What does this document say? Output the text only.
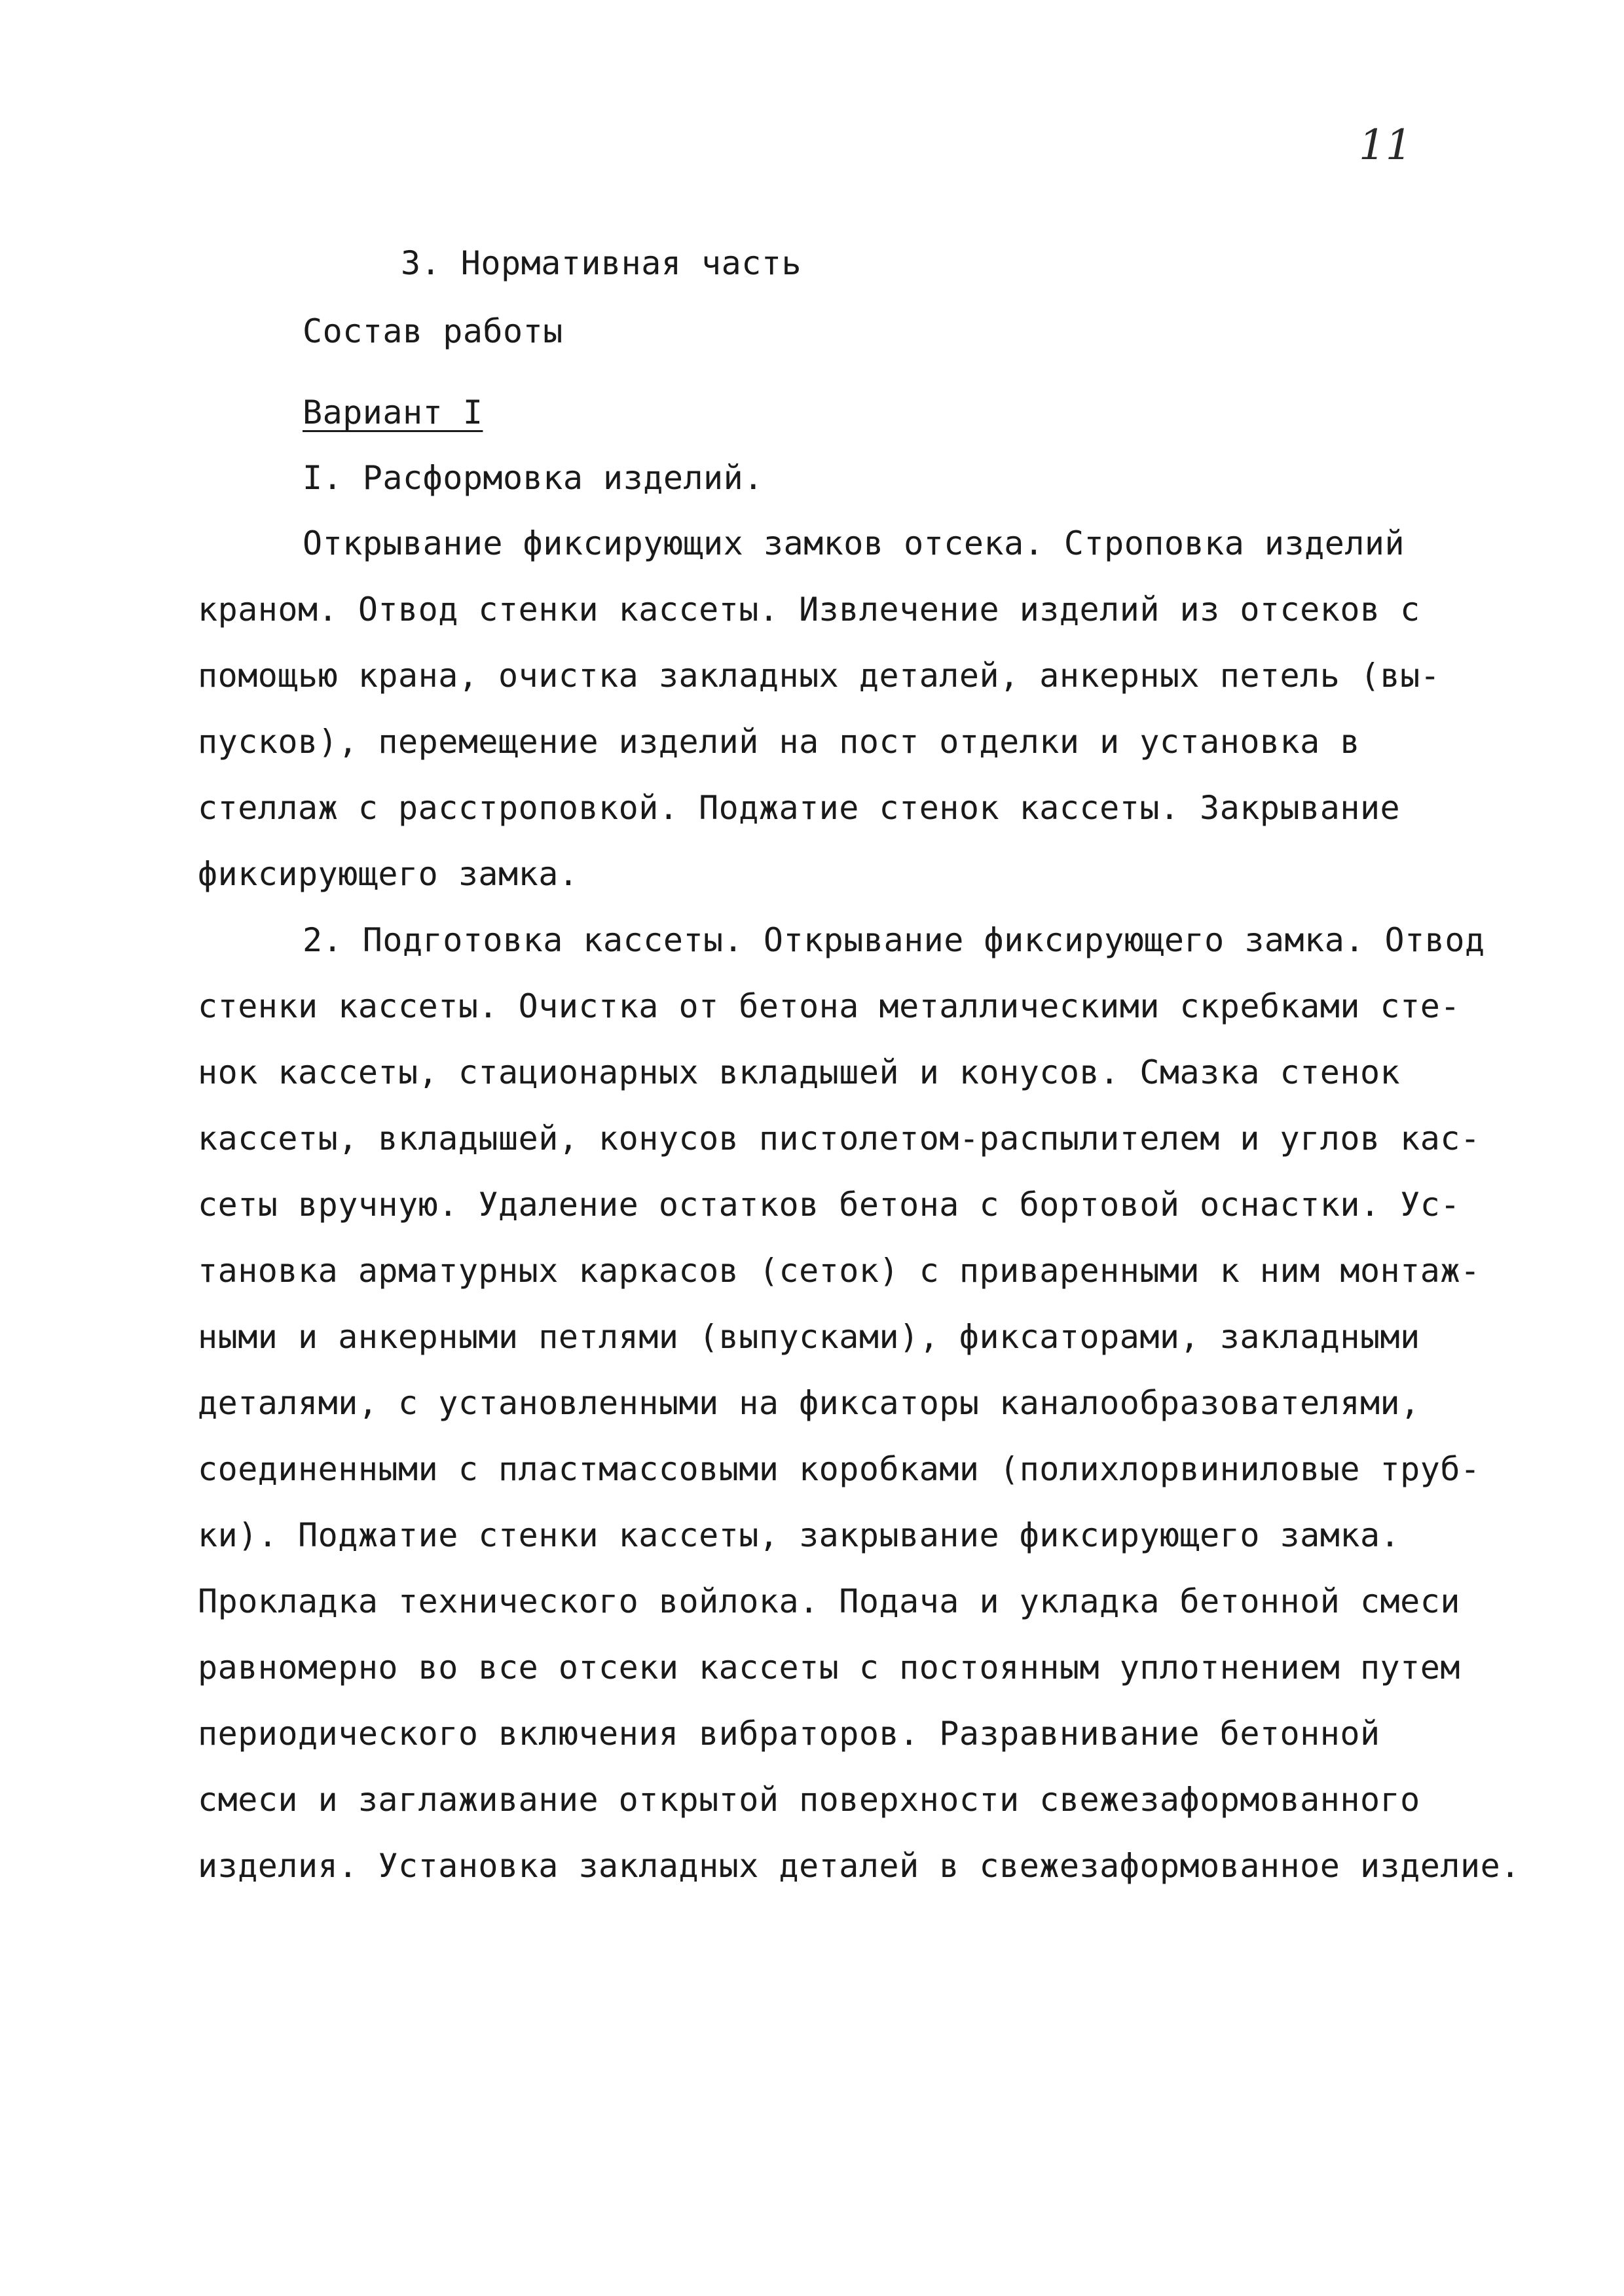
11
3. Нормативная часть
Состав работы
Вариант I
I. Расформовка изделий.
Открывание фиксирующих замков отсека. Строповка изделий
краном. Отвод стенки кассеты. Извлечение изделий из отсеков с
помощью крана, очистка закладных деталей, анкерных петель (вы-
пусков), перемещение изделий на пост отделки и установка в
стеллаж с расстроповкой. Поджатие стенок кассеты. Закрывание
фиксирующего замка.
2. Подготовка кассеты. Открывание фиксирующего замка. Отвод
стенки кассеты. Очистка от бетона металлическими скребками сте-
нок кассеты, стационарных вкладышей и конусов. Смазка стенок
кассеты, вкладышей, конусов пистолетом-распылителем и углов кас-
сеты вручную. Удаление остатков бетона с бортовой оснастки. Ус-
тановка арматурных каркасов (сеток) с приваренными к ним монтаж-
ными и анкерными петлями (выпусками), фиксаторами, закладными
деталями, с установленными на фиксаторы каналообразователями,
соединенными с пластмассовыми коробками (полихлорвиниловые труб-
ки). Поджатие стенки кассеты, закрывание фиксирующего замка.
Прокладка технического войлока. Подача и укладка бетонной смеси
равномерно во все отсеки кассеты с постоянным уплотнением путем
периодического включения вибраторов. Разравнивание бетонной
смеси и заглаживание открытой поверхности свежезаформованного
изделия. Установка закладных деталей в свежезаформованное изделие.
